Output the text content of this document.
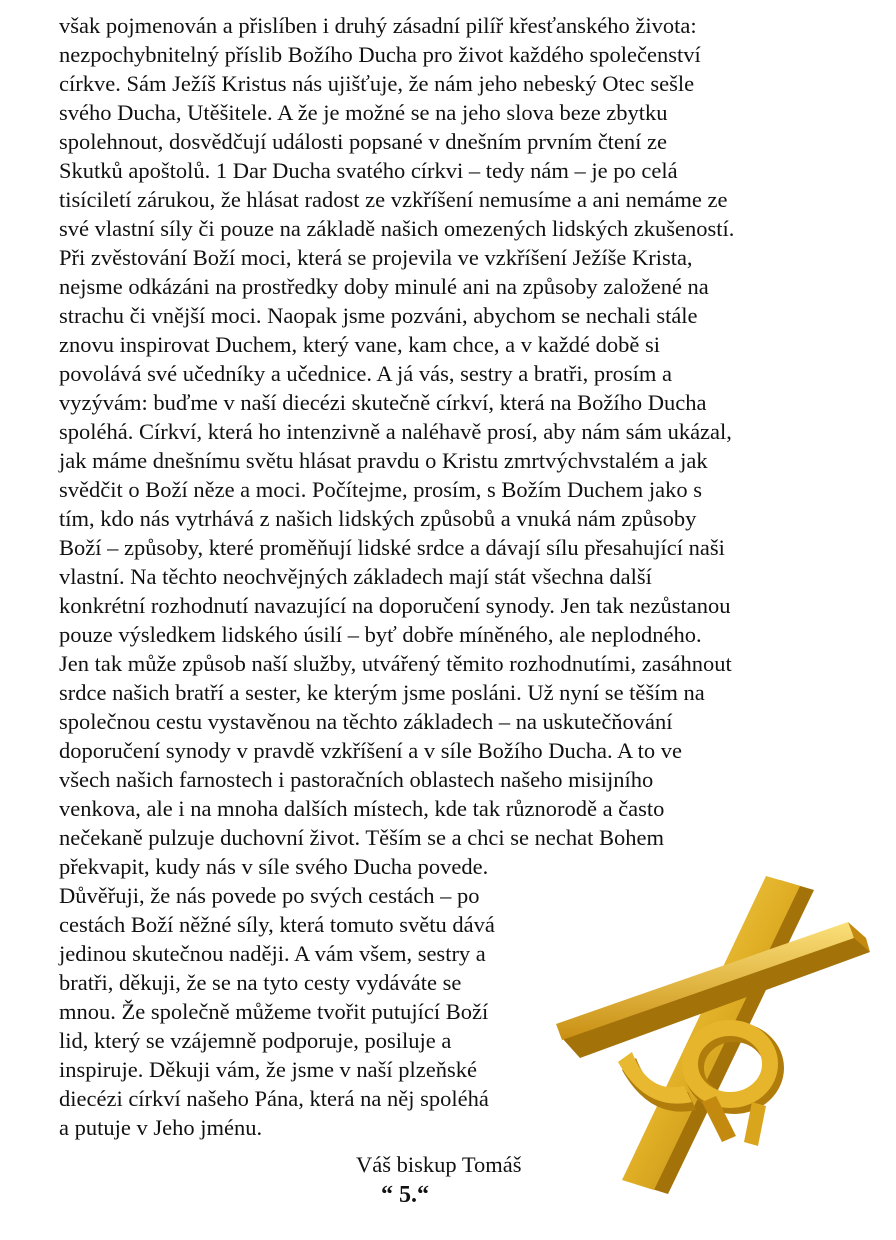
však pojmenován a přislíben i druhý zásadní pilíř křesťanského života:
nezpochybnitelný příslib Božího Ducha pro život každého společenství
církve. Sám Ježíš Kristus nás ujišťuje, že nám jeho nebeský Otec sešle
svého Ducha, Utěšitele. A že je možné se na jeho slova beze zbytku
spolehnout, dosvědčují události popsané v dnešním prvním čtení ze
Skutků apoštolů. 1 Dar Ducha svatého církvi – tedy nám – je po celá
tisíciletí zárukou, že hlásat radost ze vzkříšení nemusíme a ani nemáme ze
své vlastní síly či pouze na základě našich omezených lidských zkušeností.
Při zvěstování Boží moci, která se projevila ve vzkříšení Ježíše Krista,
nejsme odkázáni na prostředky doby minulé ani na způsoby založené na
strachu či vnější moci. Naopak jsme pozváni, abychom se nechali stále
znovu inspirovat Duchem, který vane, kam chce, a v každé době si
povolává své učedníky a učednice. A já vás, sestry a bratři, prosím a
vyzývám: buďme v naší diecézi skutečně církví, která na Božího Ducha
spoléhá. Církví, která ho intenzivně a naléhavě prosí, aby nám sám ukázal,
jak máme dnešnímu světu hlásat pravdu o Kristu zmrtvýchvstalém a jak
svědčit o Boží něze a moci. Počítejme, prosím, s Božím Duchem jako s
tím, kdo nás vytrhává z našich lidských způsobů a vnuká nám způsoby
Boží – způsoby, které proměňují lidské srdce a dávají sílu přesahující naši
vlastní. Na těchto neochvějných základech mají stát všechna další
konkrétní rozhodnutí navazující na doporučení synody. Jen tak nezůstanou
pouze výsledkem lidského úsilí – byť dobře míněného, ale neplodného.
Jen tak může způsob naší služby, utvářený těmito rozhodnutími, zasáhnout
srdce našich bratří a sester, ke kterým jsme posláni. Už nyní se těším na
společnou cestu vystavěnou na těchto základech – na uskutečňování
doporučení synody v pravdě vzkříšení a v síle Božího Ducha. A to ve
všech našich farnostech i pastoračních oblastech našeho misijního
venkova, ale i na mnoha dalších místech, kde tak různorodě a často
nečekaně pulzuje duchovní život. Těším se a chci se nechat Bohem
překvapit, kudy nás v síle svého Ducha povede.
Důvěřuji, že nás povede po svých cestách – po
cestách Boží něžné síly, která tomuto světu dává
jedinou skutečnou naději. A vám všem, sestry a
bratři, děkuji, že se na tyto cesty vydáváte se
mnou. Že společně můžeme tvořit putující Boží
lid, který se vzájemně podporuje, posiluje a
inspiruje. Děkuji vám, že jsme v naší plzeňské
diecézi církví našeho Pána, která na něj spoléhá
a putuje v Jeho jménu.
Váš biskup Tomáš
“ 5.“
